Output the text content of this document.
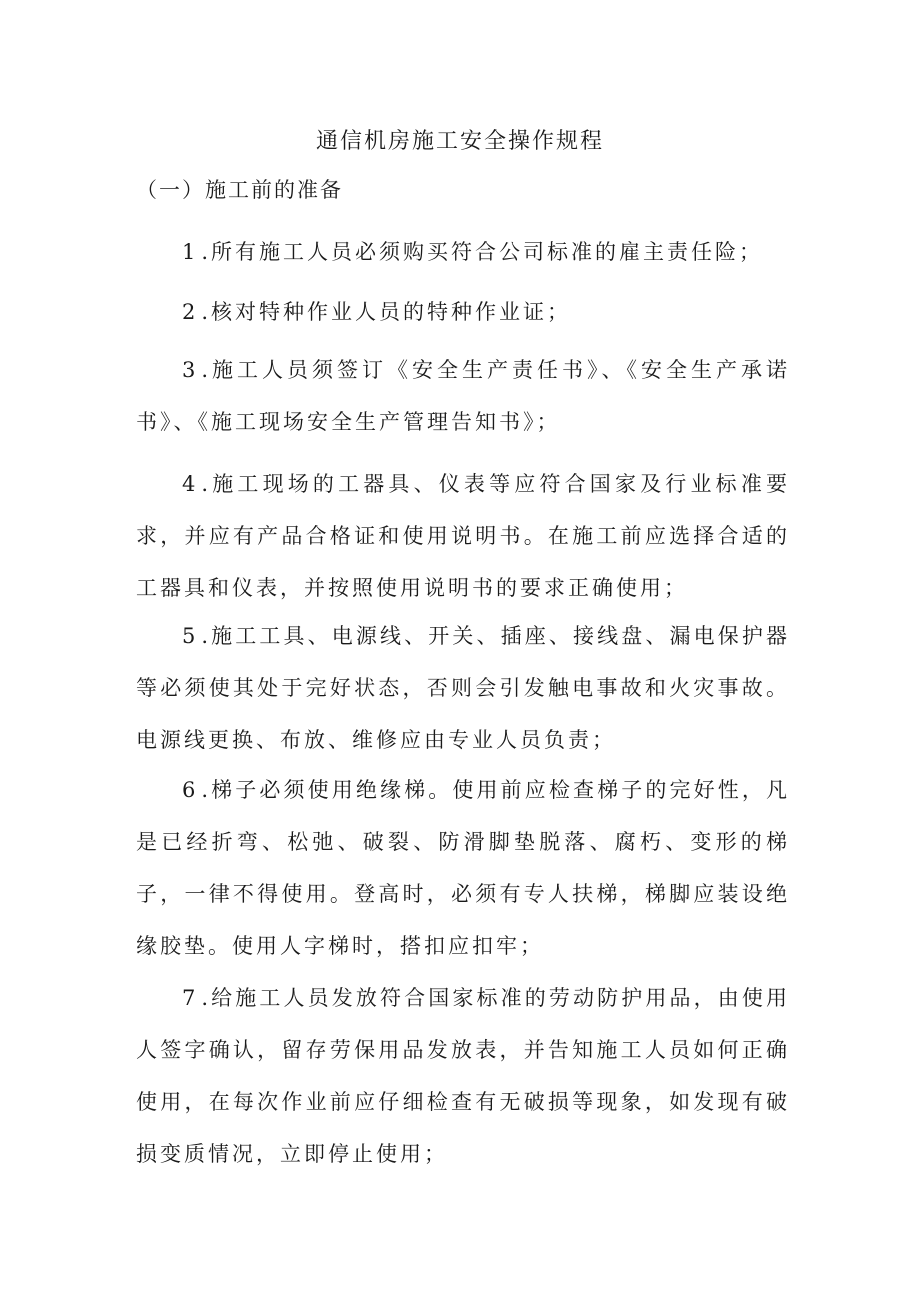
通信机房施工安全操作规程
（一）施工前的准备

1.所有施工人员必须购买符合公司标准的雇主责任险；

2.核对特种作业人员的特种作业证；

3.施工人员须签订《安全生产责任书》、《安全生产承诺书》、《施工现场安全生产管理告知书》；

4.施工现场的工器具、仪表等应符合国家及行业标准要求，并应有产品合格证和使用说明书。在施工前应选择合适的工器具和仪表，并按照使用说明书的要求正确使用；

5.施工工具、电源线、开关、插座、接线盘、漏电保护器等必须使其处于完好状态，否则会引发触电事故和火灾事故。电源线更换、布放、维修应由专业人员负责；

6.梯子必须使用绝缘梯。使用前应检查梯子的完好性，凡是已经折弯、松弛、破裂、防滑脚垫脱落、腐朽、变形的梯子，一律不得使用。登高时，必须有专人扶梯，梯脚应装设绝缘胶垫。使用人字梯时，搭扣应扣牢；

7.给施工人员发放符合国家标准的劳动防护用品，由使用人签字确认，留存劳保用品发放表，并告知施工人员如何正确使用，在每次作业前应仔细检查有无破损等现象，如发现有破损变质情况，立即停止使用；
